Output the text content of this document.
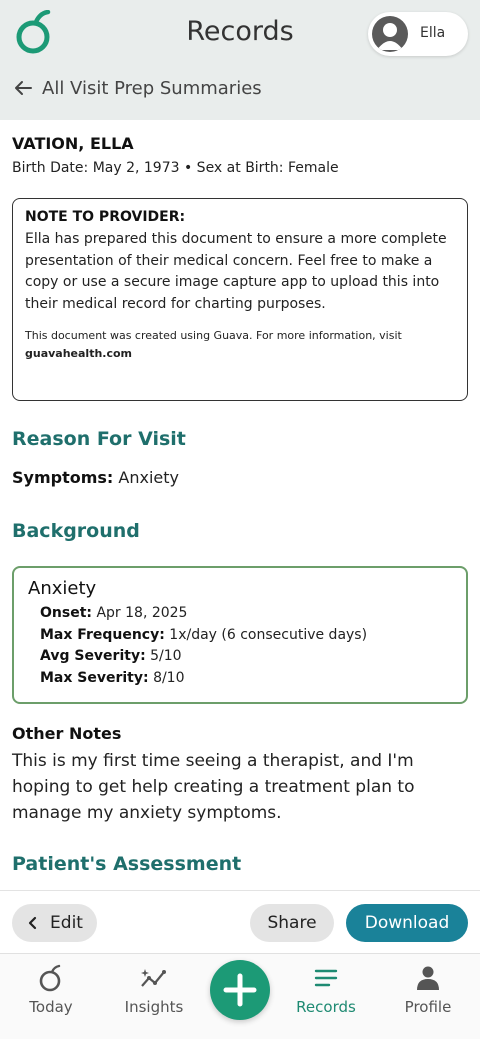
Records	Ella
All Visit Prep Summaries
VATION, ELLA
Birth Date: May 2, 1973 • Sex at Birth: Female
NOTE TO PROVIDER:
Ella has prepared this document to ensure a more complete presentation of their medical concern. Feel free to make a copy or use a secure image capture app to upload this into their medical record for charting purposes.
This document was created using Guava. For more information, visit
guavahealth.com
Reason For Visit
Symptoms: Anxiety
Background
Anxiety
Onset: Apr 18, 2025
Max Frequency: 1x/day (6 consecutive days)
Avg Severity: 5/10
Max Severity: 8/10
Other Notes
This is my first time seeing a therapist, and I'm hoping to get help creating a treatment plan to manage my anxiety symptoms.
Patient's Assessment
Edit	Share	Download
Today	Insights	Records	Profile
